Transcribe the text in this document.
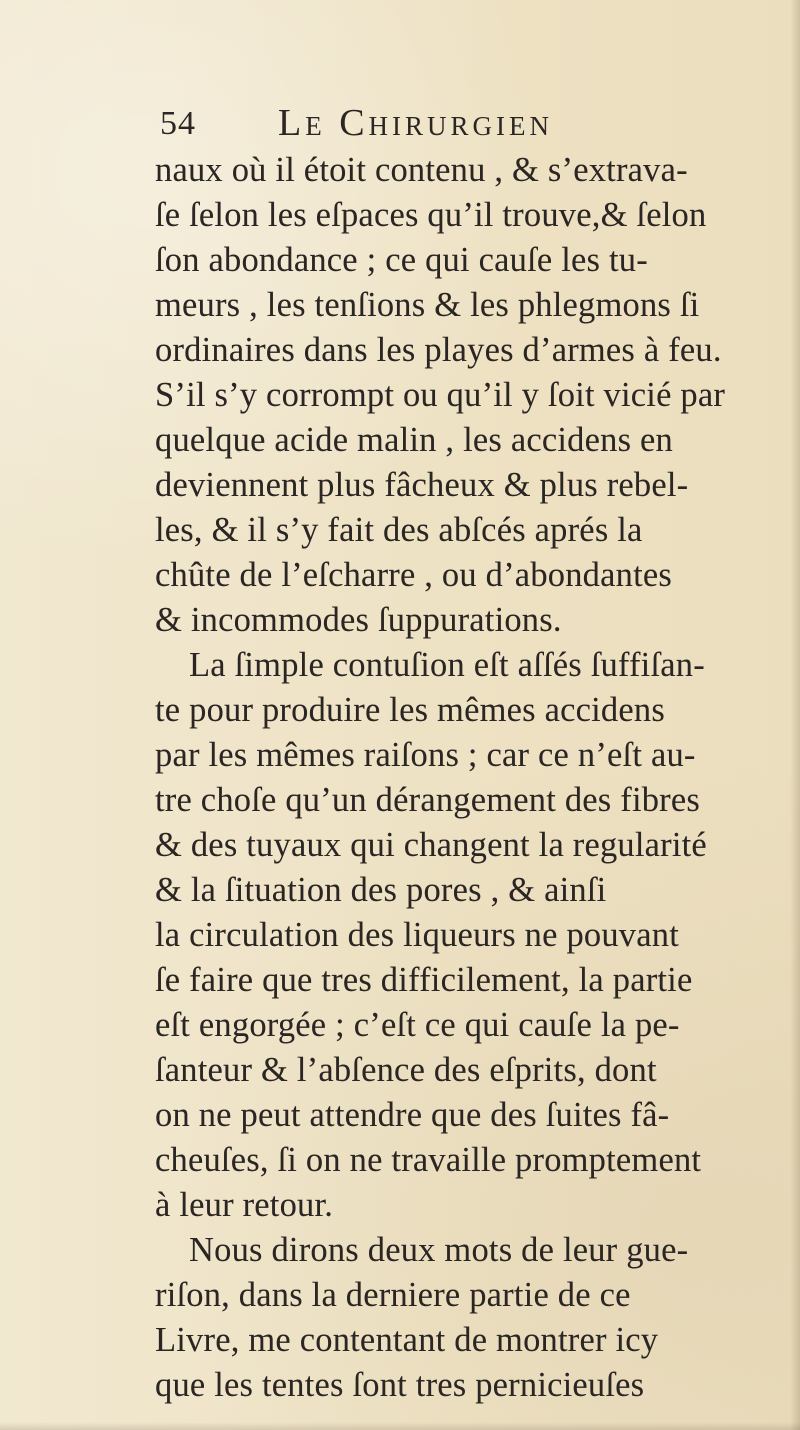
54 Le Chirurgien
naux où il étoit contenu , & s’extrava-
ſe ſelon les eſpaces qu’il trouve,& ſelon
ſon abondance ; ce qui cauſe les tu-
meurs , les tenſions & les phlegmons ſi
ordinaires dans les playes d’armes à feu.
S’il s’y corrompt ou qu’il y ſoit vicié par
quelque acide malin , les accidens en
deviennent plus fâcheux & plus rebel-
les, & il s’y fait des abſcés aprés la
chûte de l’eſcharre , ou d’abondantes
& incommodes ſuppurations.
La ſimple contuſion eſt aſſés ſuffiſan-
te pour produire les mêmes accidens
par les mêmes raiſons ; car ce n’eſt au-
tre choſe qu’un dérangement des fibres
& des tuyaux qui changent la regularité
& la ſituation des pores , & ainſi
la circulation des liqueurs ne pouvant
ſe faire que tres difficilement, la partie
eſt engorgée ; c’eſt ce qui cauſe la pe-
ſanteur & l’abſence des eſprits, dont
on ne peut attendre que des ſuites fâ-
cheuſes, ſi on ne travaille promptement
à leur retour.
Nous dirons deux mots de leur gue-
riſon, dans la derniere partie de ce
Livre, me contentant de montrer icy
que les tentes ſont tres pernicieuſes
